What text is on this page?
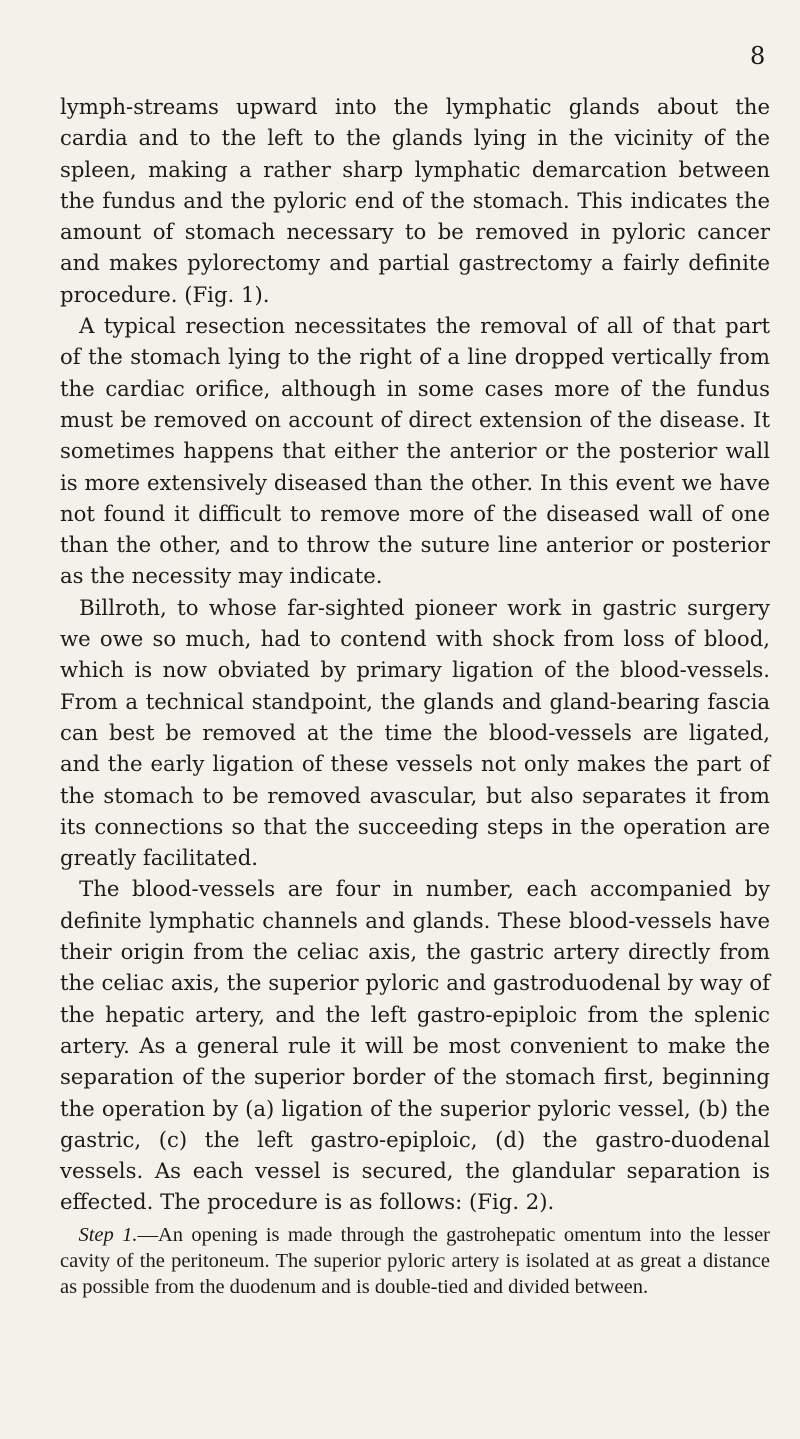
8

lymph-streams upward into the lymphatic glands about the cardia and to the left to the glands lying in the vicinity of the spleen, making a rather sharp lymphatic demarcation between the fundus and the pyloric end of the stomach. This indicates the amount of stomach necessary to be removed in pyloric cancer and makes pylorectomy and partial gastrectomy a fairly definite procedure. (Fig. 1).

A typical resection necessitates the removal of all of that part of the stomach lying to the right of a line dropped vertically from the cardiac orifice, although in some cases more of the fundus must be removed on account of direct extension of the disease. It sometimes happens that either the anterior or the posterior wall is more extensively diseased than the other. In this event we have not found it difficult to remove more of the diseased wall of one than the other, and to throw the suture line anterior or posterior as the necessity may indicate.

Billroth, to whose far-sighted pioneer work in gastric surgery we owe so much, had to contend with shock from loss of blood, which is now obviated by primary ligation of the blood-vessels. From a technical standpoint, the glands and gland-bearing fascia can best be removed at the time the blood-vessels are ligated, and the early ligation of these vessels not only makes the part of the stomach to be removed avascular, but also separates it from its connections so that the succeeding steps in the operation are greatly facilitated.

The blood-vessels are four in number, each accompanied by definite lymphatic channels and glands. These blood-vessels have their origin from the celiac axis, the gastric artery directly from the celiac axis, the superior pyloric and gastroduodenal by way of the hepatic artery, and the left gastro-epiploic from the splenic artery. As a general rule it will be most convenient to make the separation of the superior border of the stomach first, beginning the operation by (a) ligation of the superior pyloric vessel, (b) the gastric, (c) the left gastro-epiploic, (d) the gastro-duodenal vessels. As each vessel is secured, the glandular separation is effected. The procedure is as follows: (Fig. 2).

Step 1.—An opening is made through the gastrohepatic omentum into the lesser cavity of the peritoneum. The superior pyloric artery is isolated at as great a distance as possible from the duodenum and is double-tied and divided between.
